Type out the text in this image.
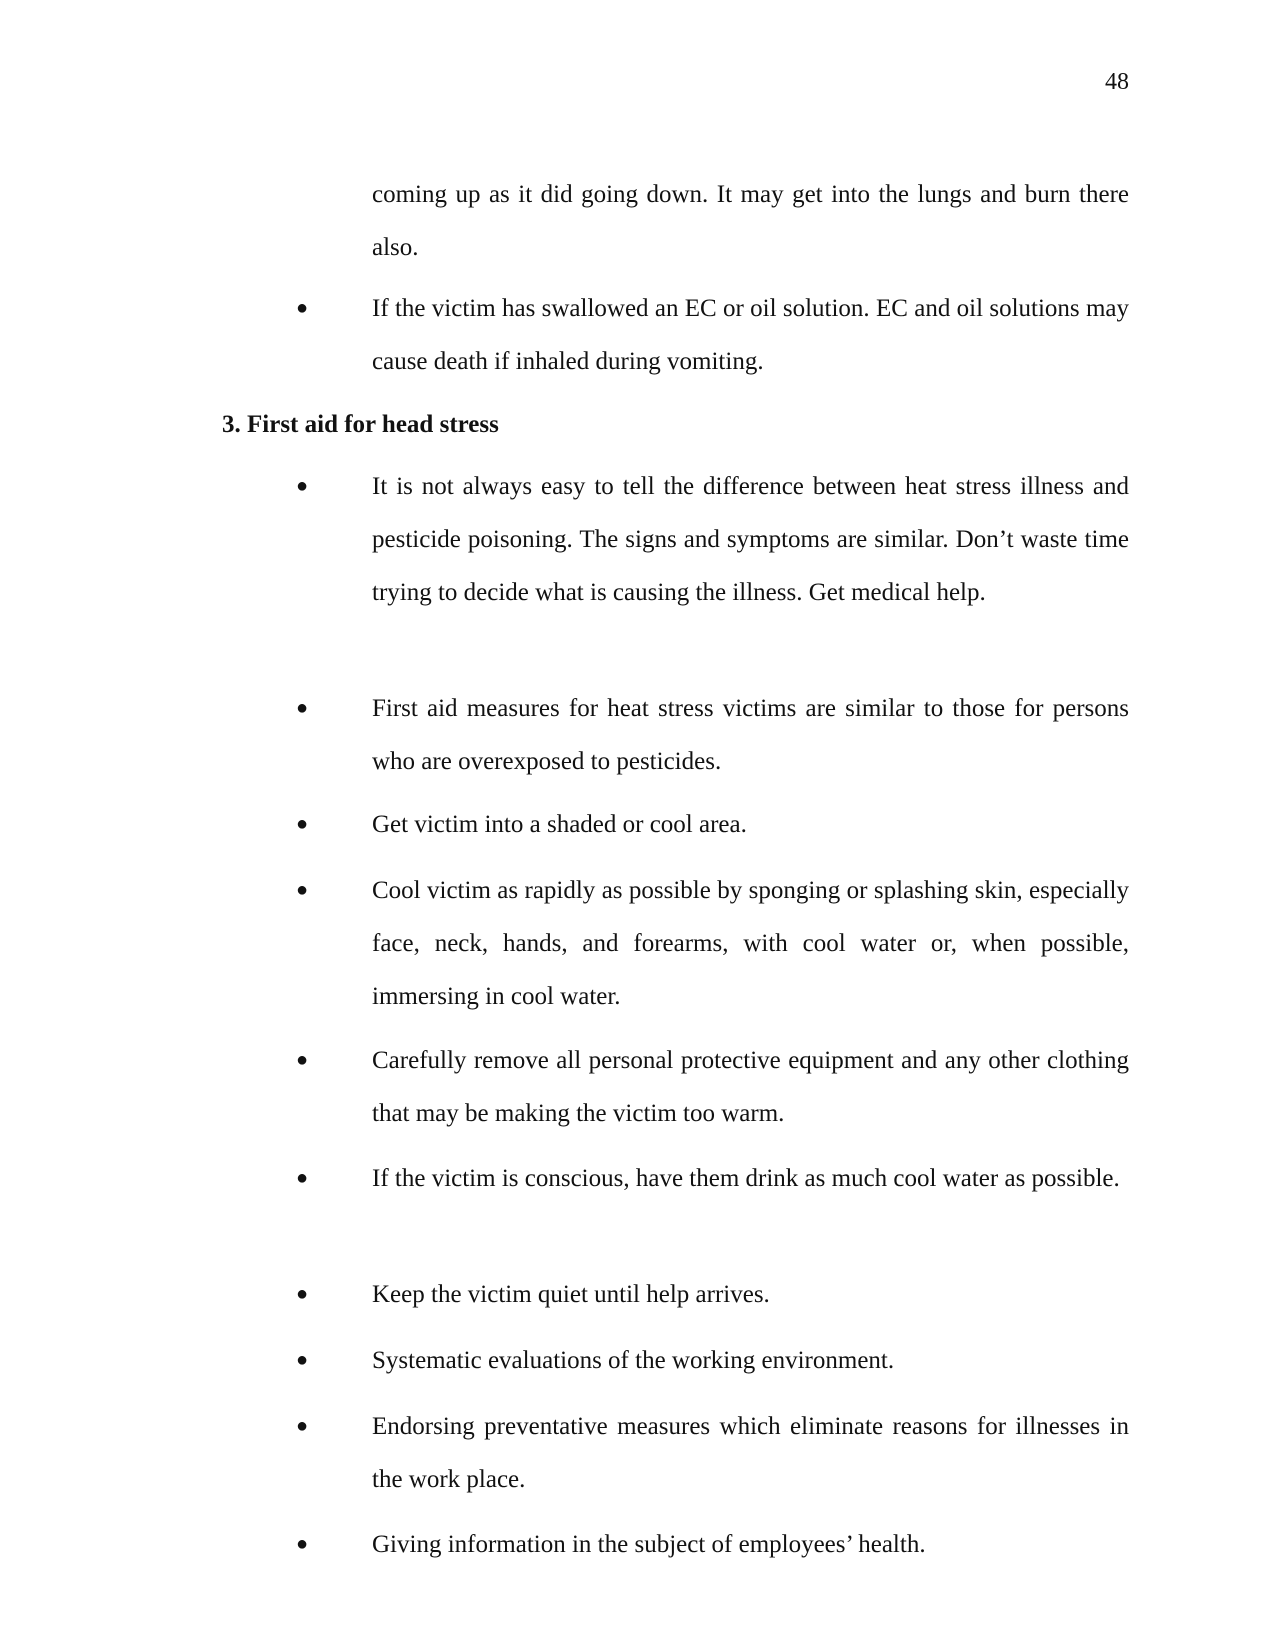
48
coming up as it did going down. It may get into the lungs and burn there also.
●	If the victim has swallowed an EC or oil solution. EC and oil solutions may cause death if inhaled during vomiting.
3. First aid for head stress
●	It is not always easy to tell the difference between heat stress illness and pesticide poisoning. The signs and symptoms are similar. Don’t waste time trying to decide what is causing the illness. Get medical help.
●	First aid measures for heat stress victims are similar to those for persons who are overexposed to pesticides.
●	Get victim into a shaded or cool area.
●	Cool victim as rapidly as possible by sponging or splashing skin, especially face, neck, hands, and forearms, with cool water or, when possible, immersing in cool water.
●	Carefully remove all personal protective equipment and any other clothing that may be making the victim too warm.
●	If the victim is conscious, have them drink as much cool water as possible.
●	Keep the victim quiet until help arrives.
●	Systematic evaluations of the working environment.
●	Endorsing preventative measures which eliminate reasons for illnesses in the work place.
●	Giving information in the subject of employees’ health.
